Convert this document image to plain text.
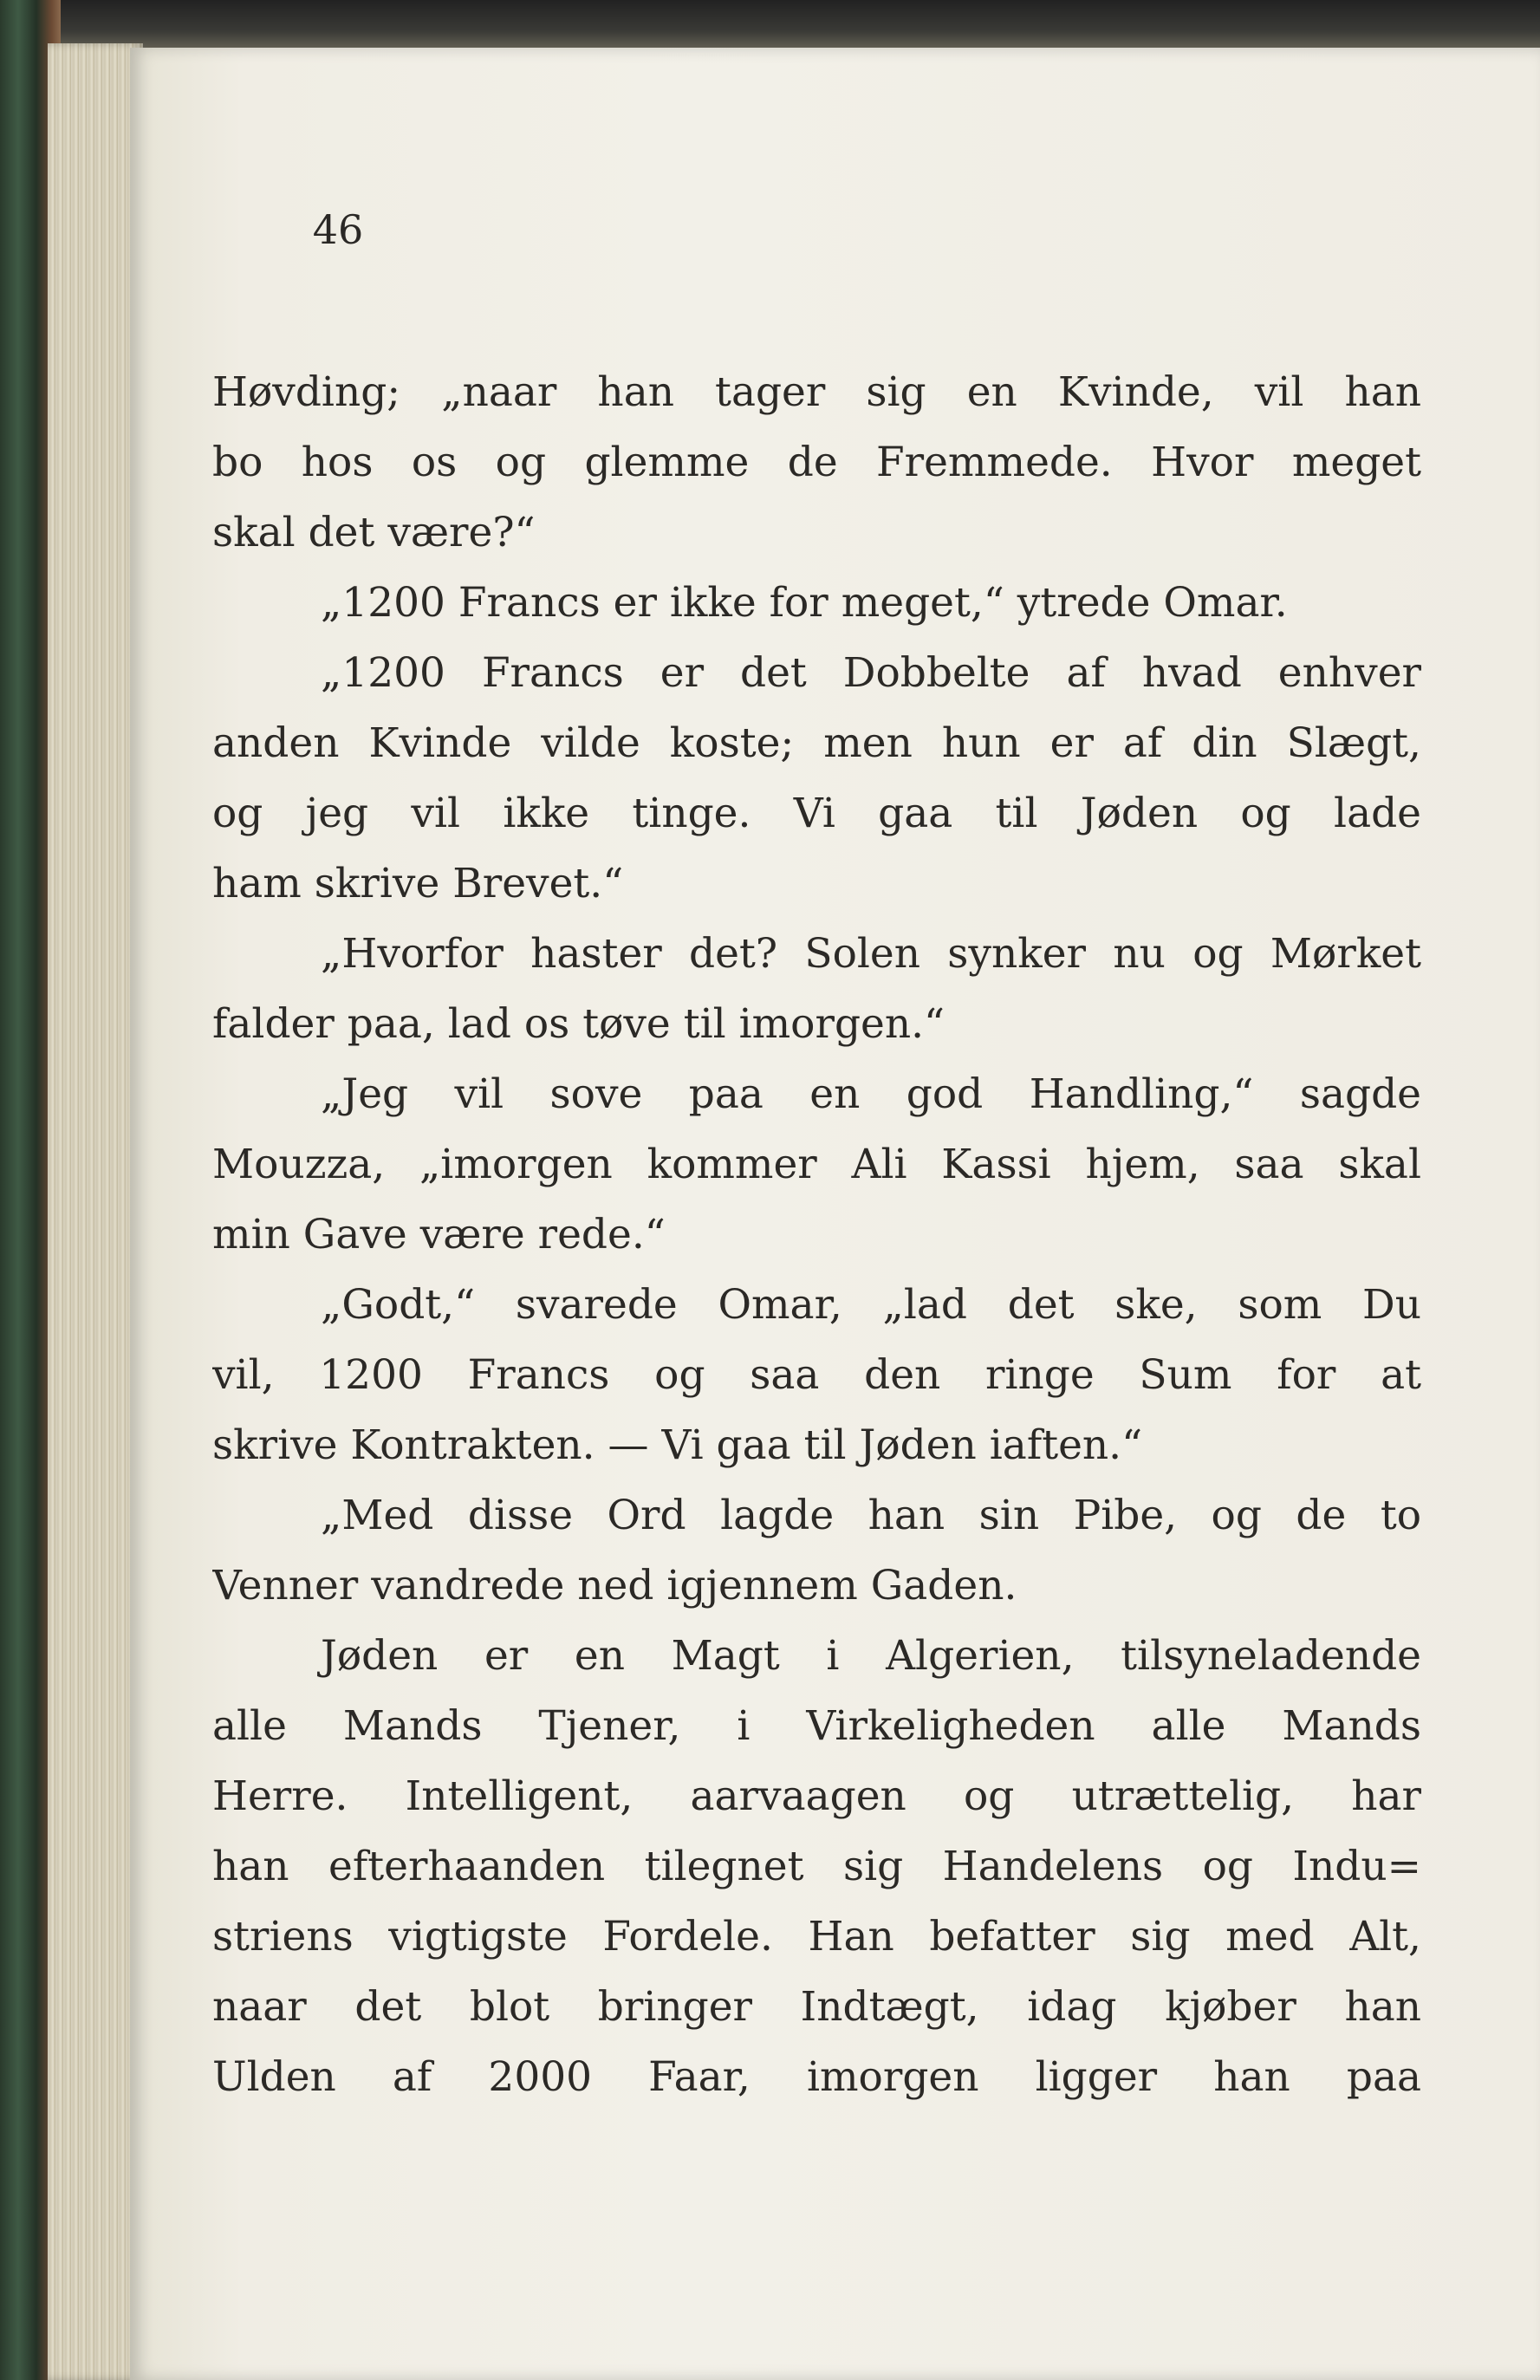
46
Høvding; „naar han tager sig en Kvinde, vil han
bo hos os og glemme de Fremmede. Hvor meget
skal det være?“
„1200 Francs er ikke for meget,“ ytrede Omar.
„1200 Francs er det Dobbelte af hvad enhver
anden Kvinde vilde koste; men hun er af din Slægt,
og jeg vil ikke tinge. Vi gaa til Jøden og lade
ham skrive Brevet.“
„Hvorfor haster det? Solen synker nu og Mørket
falder paa, lad os tøve til imorgen.“
„Jeg vil sove paa en god Handling,“ sagde
Mouzza, „imorgen kommer Ali Kassi hjem, saa skal
min Gave være rede.“
„Godt,“ svarede Omar, „lad det ske, som Du
vil, 1200 Francs og saa den ringe Sum for at
skrive Kontrakten. — Vi gaa til Jøden iaften.“
„Med disse Ord lagde han sin Pibe, og de to
Venner vandrede ned igjennem Gaden.
Jøden er en Magt i Algerien, tilsyneladende
alle Mands Tjener, i Virkeligheden alle Mands
Herre. Intelligent, aarvaagen og utrættelig, har
han efterhaanden tilegnet sig Handelens og Indu=
striens vigtigste Fordele. Han befatter sig med Alt,
naar det blot bringer Indtægt, idag kjøber han
Ulden af 2000 Faar, imorgen ligger han paa
